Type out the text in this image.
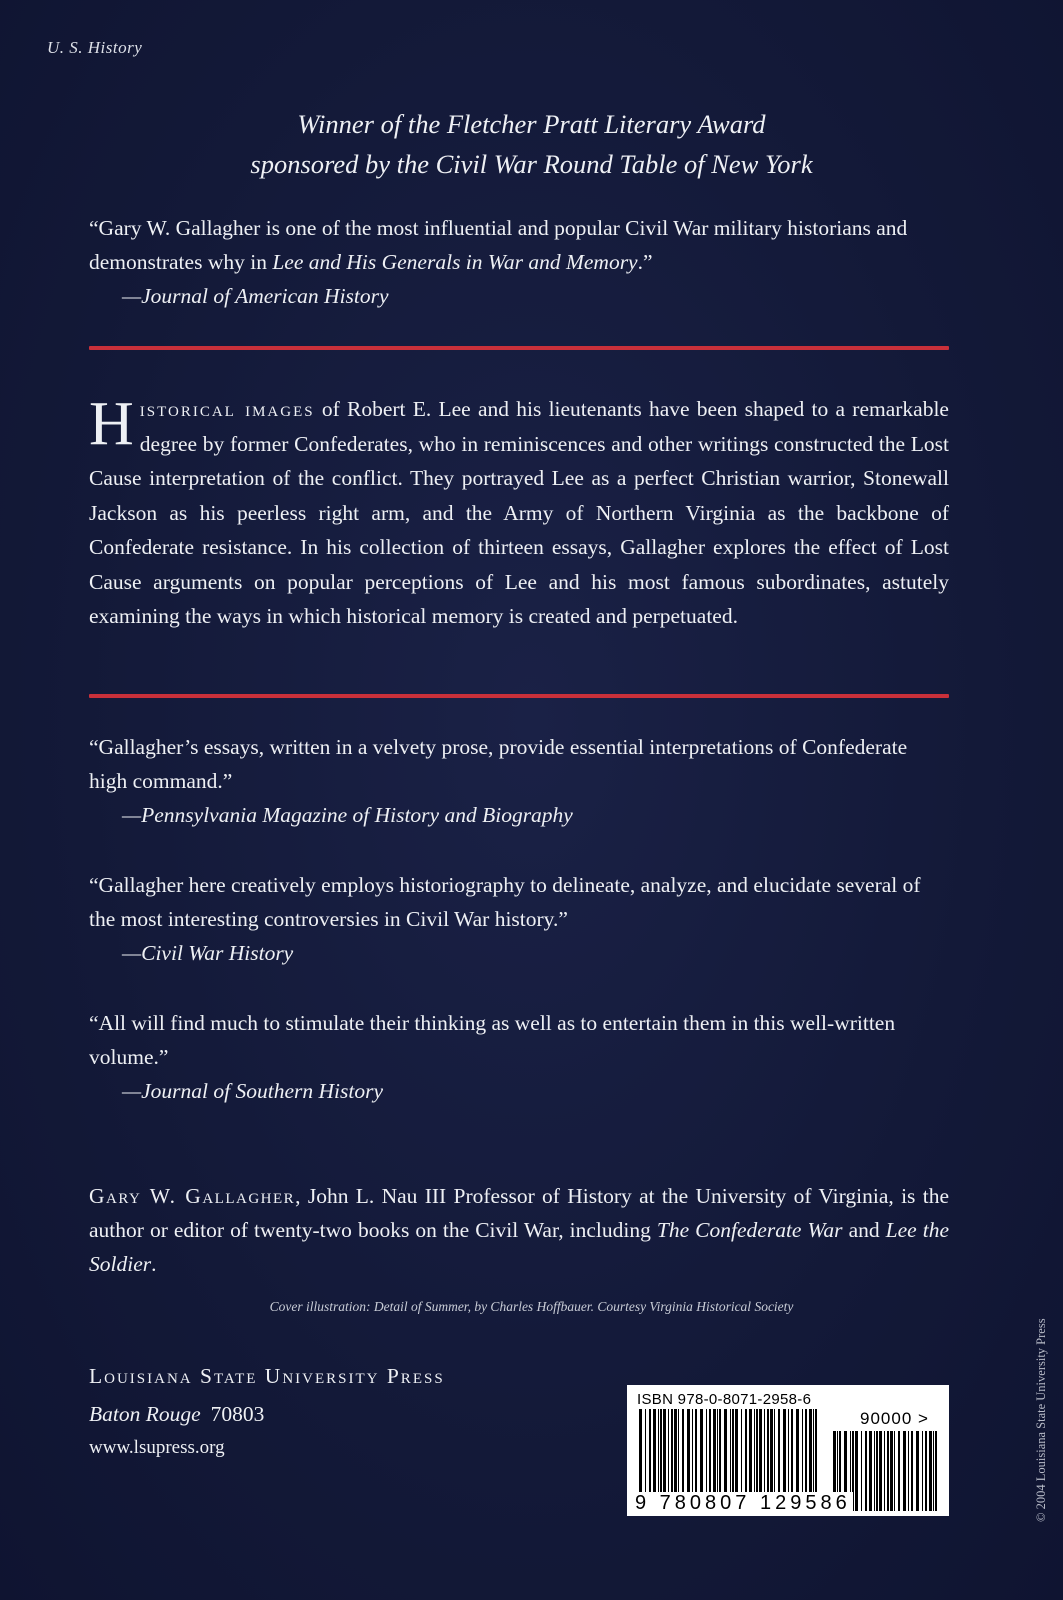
U. S. History
Winner of the Fletcher Pratt Literary Award
sponsored by the Civil War Round Table of New York
“Gary W. Gallagher is one of the most influential and popular Civil War military historians and demonstrates why in Lee and His Generals in War and Memory.”
—Journal of American History
Historical images of Robert E. Lee and his lieutenants have been shaped to a remarkable degree by former Confederates, who in reminiscences and other writings constructed the Lost Cause interpretation of the conflict. They portrayed Lee as a perfect Christian warrior, Stonewall Jackson as his peerless right arm, and the Army of Northern Virginia as the backbone of Confederate resistance. In his collection of thirteen essays, Gallagher explores the effect of Lost Cause arguments on popular perceptions of Lee and his most famous subordinates, astutely examining the ways in which historical memory is created and perpetuated.
“Gallagher’s essays, written in a velvety prose, provide essential interpretations of Confederate high command.”
—Pennsylvania Magazine of History and Biography
“Gallagher here creatively employs historiography to delineate, analyze, and elucidate several of the most interesting controversies in Civil War history.”
—Civil War History
“All will find much to stimulate their thinking as well as to entertain them in this well-written volume.”
—Journal of Southern History
Gary W. Gallagher, John L. Nau III Professor of History at the University of Virginia, is the author or editor of twenty-two books on the Civil War, including The Confederate War and Lee the Soldier.
Cover illustration: Detail of Summer, by Charles Hoffbauer. Courtesy Virginia Historical Society
Louisiana State University Press
Baton Rouge 70803
www.lsupress.org
ISBN 978-0-8071-2958-6
90000 >
9 780807 129586	© 2004 Louisiana State University Press
